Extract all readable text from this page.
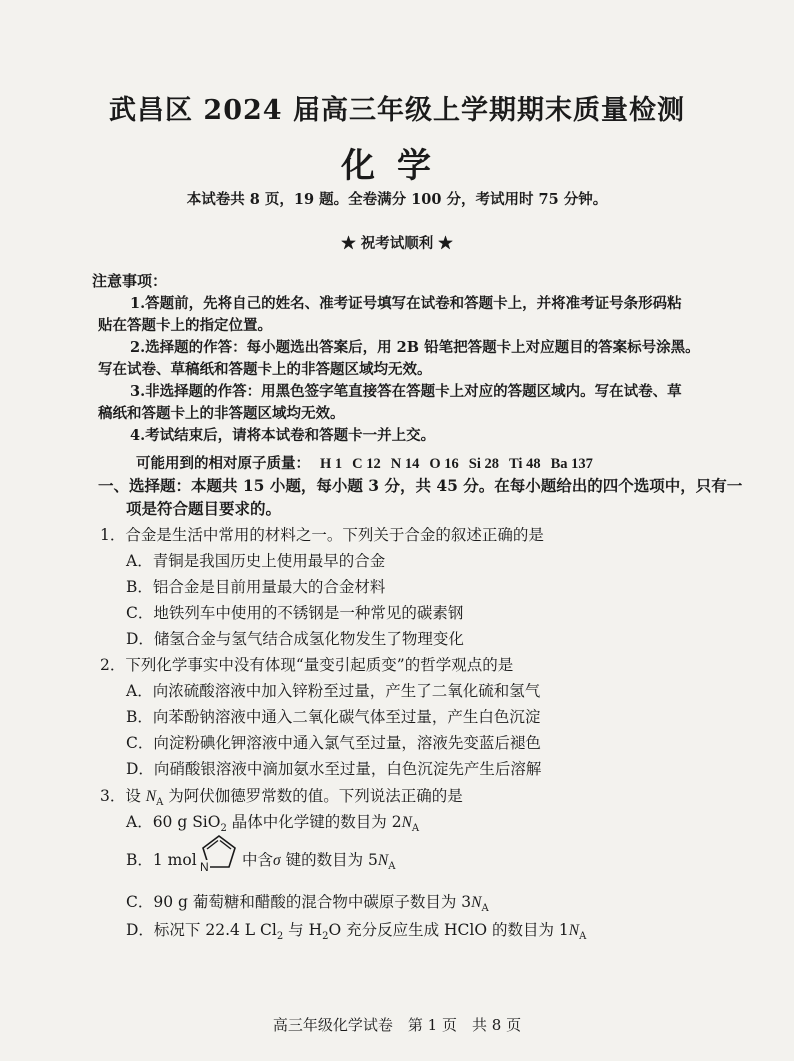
武昌区 2024 届高三年级上学期期末质量检测
化学
本试卷共 8 页，19 题。全卷满分 100 分，考试用时 75 分钟。
★ 祝考试顺利 ★
注意事项：
1.答题前，先将自己的姓名、准考证号填写在试卷和答题卡上，并将准考证号条形码粘
贴在答题卡上的指定位置。
2.选择题的作答：每小题选出答案后，用 2B 铅笔把答题卡上对应题目的答案标号涂黑。
写在试卷、草稿纸和答题卡上的非答题区域均无效。
3.非选择题的作答：用黑色签字笔直接答在答题卡上对应的答题区域内。写在试卷、草
稿纸和答题卡上的非答题区域均无效。
4.考试结束后，请将本试卷和答题卡一并上交。
可能用到的相对原子质量： H 1 C 12 N 14 O 16 Si 28 Ti 48 Ba 137
一、选择题：本题共 15 小题，每小题 3 分，共 45 分。在每小题给出的四个选项中，只有一
项是符合题目要求的。
1．合金是生活中常用的材料之一。下列关于合金的叙述正确的是
A．青铜是我国历史上使用最早的合金
B．铝合金是目前用量最大的合金材料
C．地铁列车中使用的不锈钢是一种常见的碳素钢
D．储氢合金与氢气结合成氢化物发生了物理变化
2．下列化学事实中没有体现“量变引起质变”的哲学观点的是
A．向浓硫酸溶液中加入锌粉至过量，产生了二氧化硫和氢气
B．向苯酚钠溶液中通入二氧化碳气体至过量，产生白色沉淀
C．向淀粉碘化钾溶液中通入氯气至过量，溶液先变蓝后褪色
D．向硝酸银溶液中滴加氨水至过量，白色沉淀先产生后溶解
3．设 $N_A$ 为阿伏伽德罗常数的值。下列说法正确的是
A．60 g SiO$_2$ 晶体中化学键的数目为 $2N_A$
B．1 mol N 中含σ 键的数目为 $5N_A$
C．90 g 葡萄糖和醋酸的混合物中碳原子数目为 $3N_A$
D．标况下 22.4 L $Cl_2$ 与 $H_2O$ 充分反应生成 HClO 的数目为 $1N_A$
高三年级化学试卷　第 1 页　共 8 页
